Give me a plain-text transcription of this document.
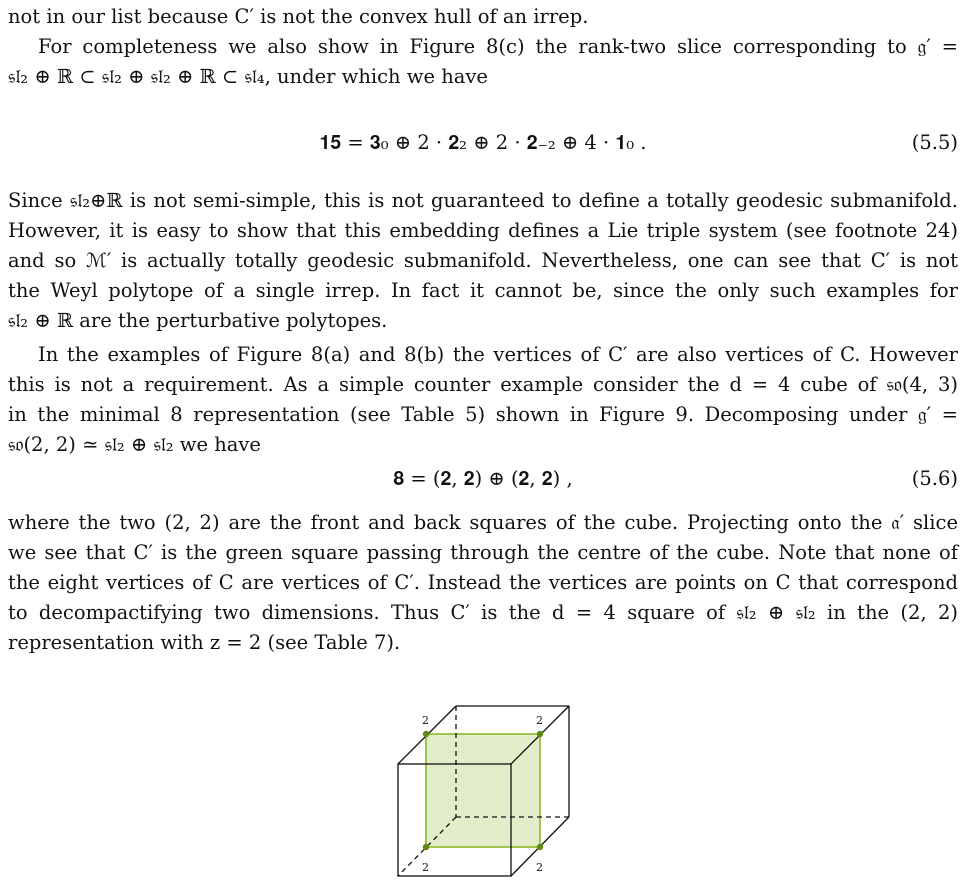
not in our list because C′ is not the convex hull of an irrep.
For completeness we also show in Figure 8(c) the rank-two slice corresponding to 𝔤′ =
𝔰𝔩₂ ⊕ ℝ ⊂ 𝔰𝔩₂ ⊕ 𝔰𝔩₂ ⊕ ℝ ⊂ 𝔰𝔩₄, under which we have
𝟏𝟓 = 𝟑₀ ⊕ 2 · 𝟐₂ ⊕ 2 · 𝟐₋₂ ⊕ 4 · 𝟏₀ .	(5.5)
Since 𝔰𝔩₂⊕ℝ is not semi-simple, this is not guaranteed to define a totally geodesic submanifold.
However, it is easy to show that this embedding defines a Lie triple system (see footnote 24)
and so ℳ′ is actually totally geodesic submanifold. Nevertheless, one can see that C′ is not
the Weyl polytope of a single irrep. In fact it cannot be, since the only such examples for
𝔰𝔩₂ ⊕ ℝ are the perturbative polytopes.
In the examples of Figure 8(a) and 8(b) the vertices of C′ are also vertices of C. However
this is not a requirement. As a simple counter example consider the d = 4 cube of 𝔰𝔬(4, 3)
in the minimal 8 representation (see Table 5) shown in Figure 9. Decomposing under 𝔤′ =
𝔰𝔬(2, 2) ≃ 𝔰𝔩₂ ⊕ 𝔰𝔩₂ we have
𝟖 = (𝟐, 𝟐) ⊕ (𝟐, 𝟐) ,	(5.6)
where the two (2, 2) are the front and back squares of the cube. Projecting onto the 𝔞′ slice
we see that C′ is the green square passing through the centre of the cube. Note that none of
the eight vertices of C are vertices of C′. Instead the vertices are points on C that correspond
to decompactifying two dimensions. Thus C′ is the d = 4 square of 𝔰𝔩₂ ⊕ 𝔰𝔩₂ in the (2, 2)
representation with z = 2 (see Table 7).
2	2
2	2
